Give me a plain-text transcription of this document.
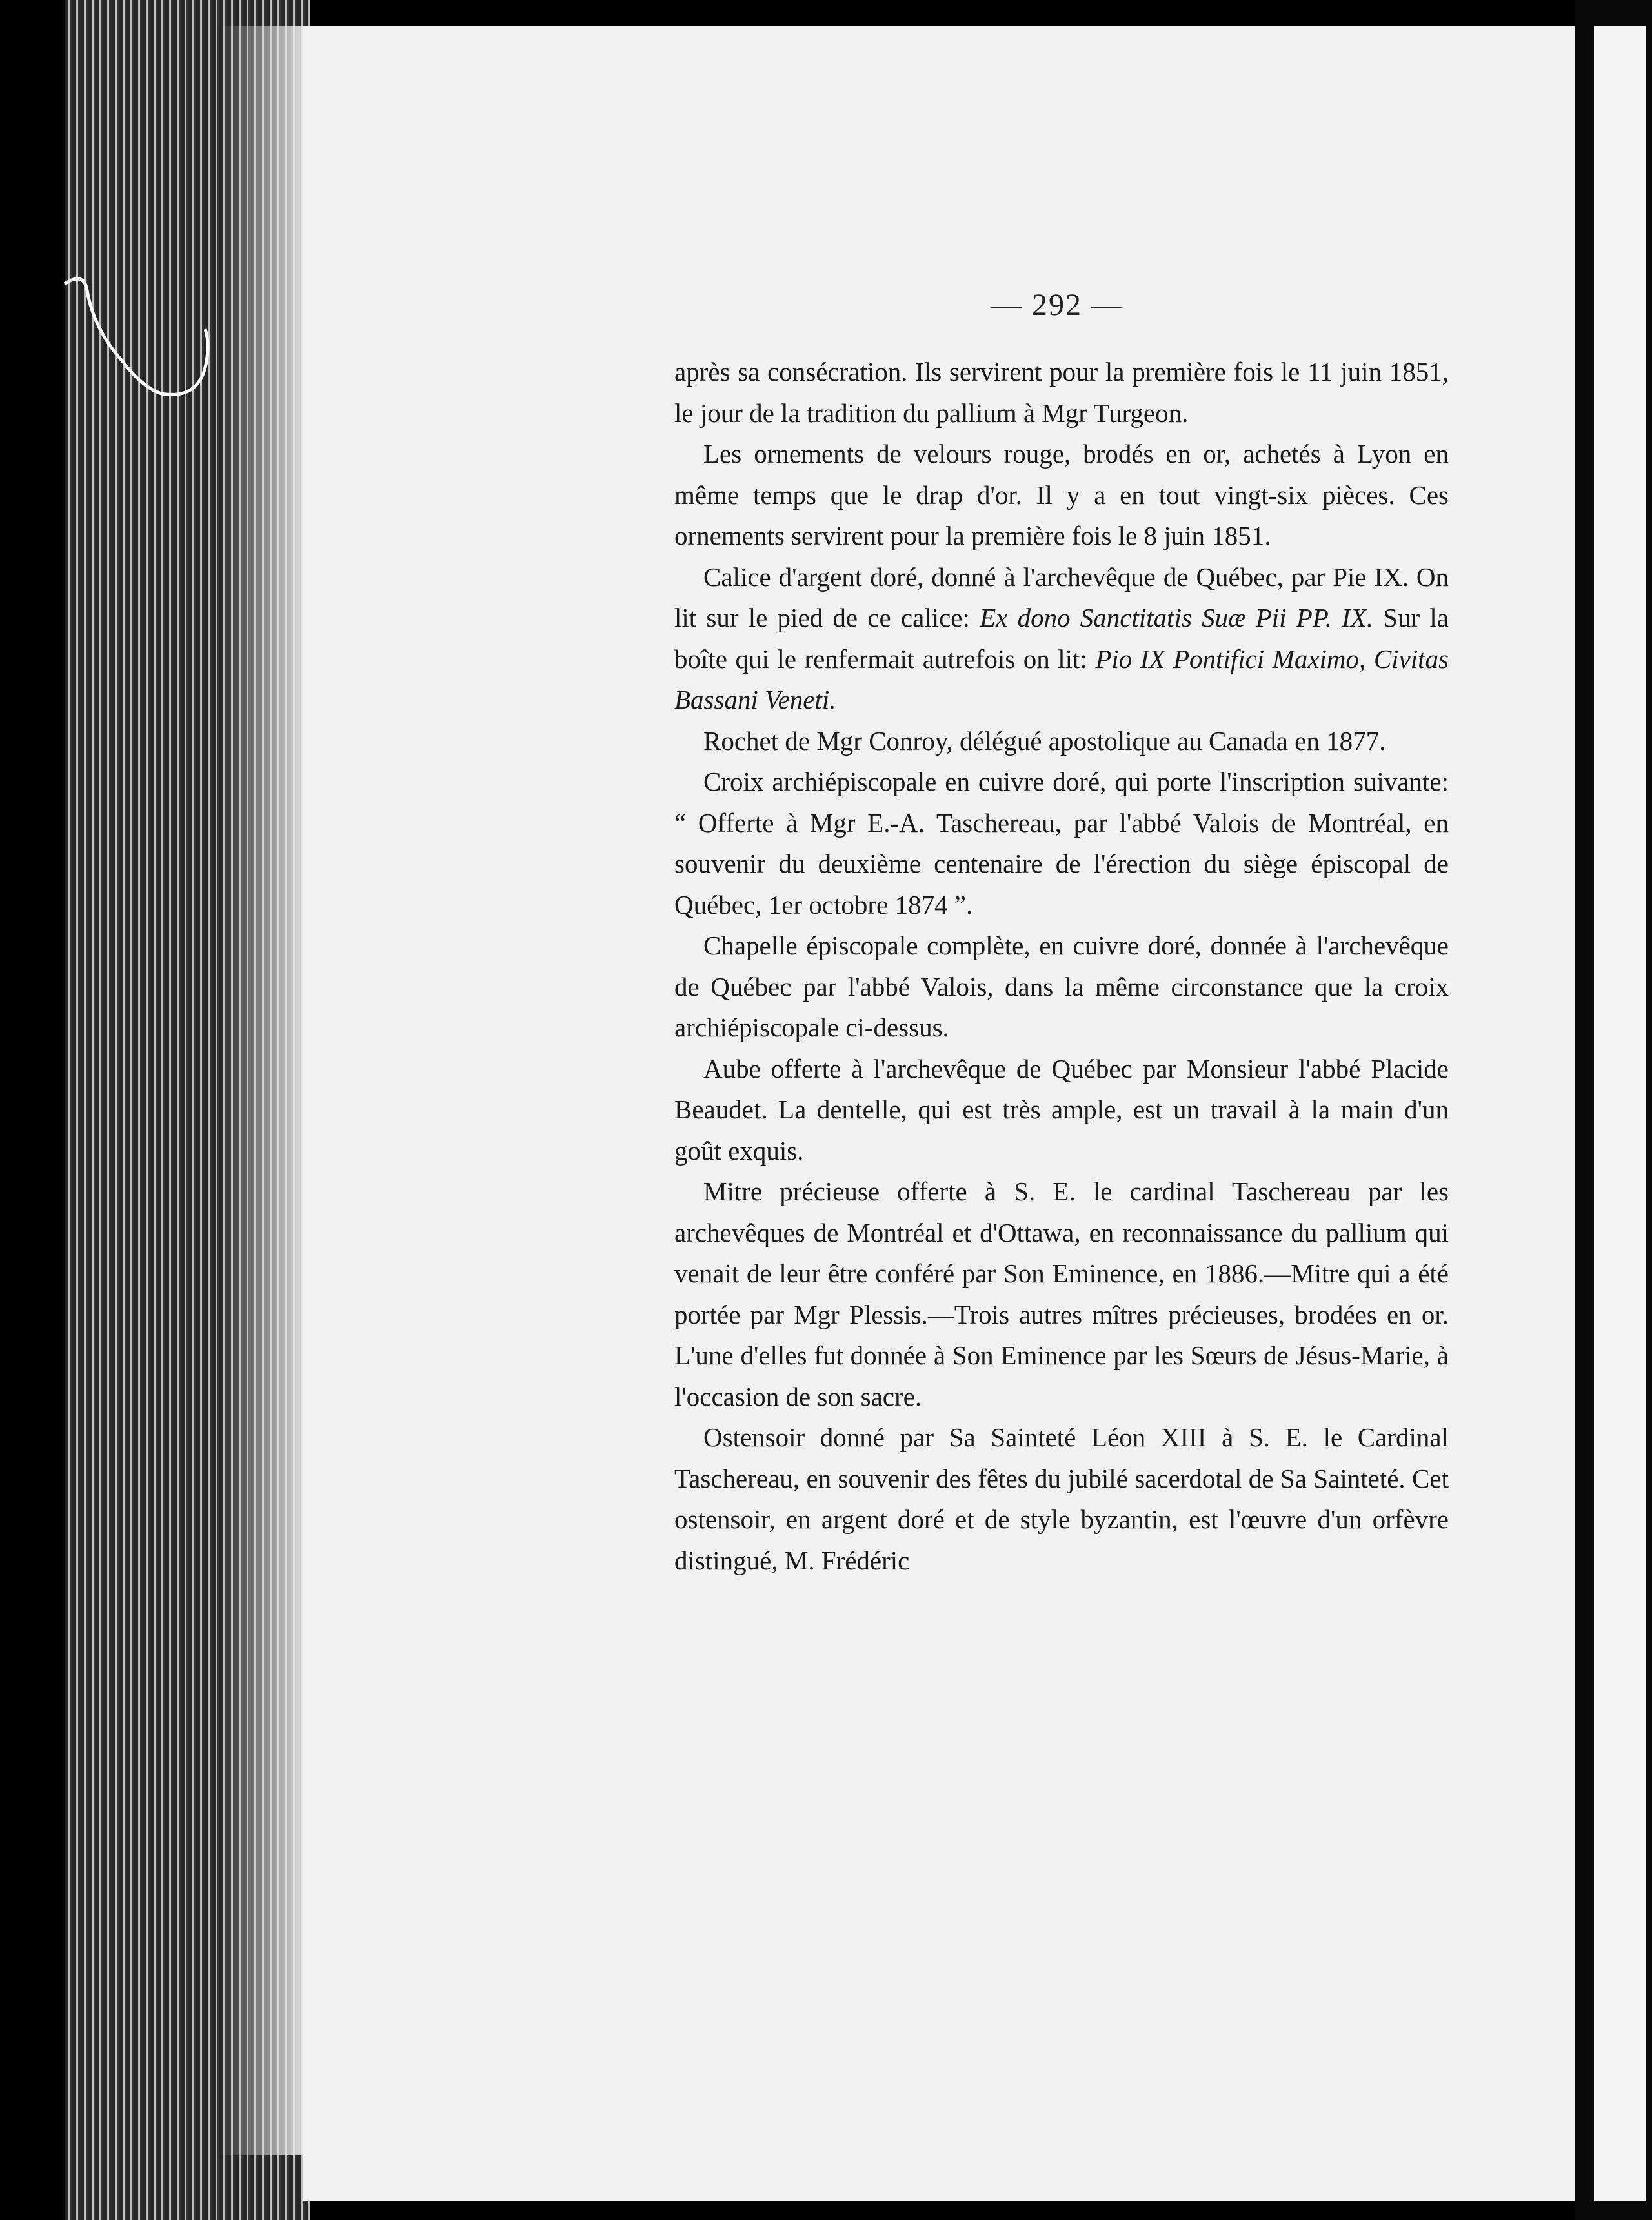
— 292 —

après sa consécration. Ils servirent pour la première fois le 11 juin 1851, le jour de la tradition du pallium à Mgr Turgeon.

Les ornements de velours rouge, brodés en or, achetés à Lyon en même temps que le drap d'or. Il y a en tout vingt-six pièces. Ces ornements servirent pour la première fois le 8 juin 1851.

Calice d'argent doré, donné à l'archevêque de Québec, par Pie IX. On lit sur le pied de ce calice: Ex dono Sanctitatis Suæ Pii PP. IX. Sur la boîte qui le renfermait autrefois on lit: Pio IX Pontifici Maximo, Civitas Bassani Veneti.

Rochet de Mgr Conroy, délégué apostolique au Canada en 1877.

Croix archiépiscopale en cuivre doré, qui porte l'inscription suivante: “ Offerte à Mgr E.-A. Taschereau, par l'abbé Valois de Montréal, en souvenir du deuxième centenaire de l'érection du siège épiscopal de Québec, 1er octobre 1874 ”.

Chapelle épiscopale complète, en cuivre doré, donnée à l'archevêque de Québec par l'abbé Valois, dans la même circonstance que la croix archiépiscopale ci-dessus.

Aube offerte à l'archevêque de Québec par Monsieur l'abbé Placide Beaudet. La dentelle, qui est très ample, est un travail à la main d'un goût exquis.

Mitre précieuse offerte à S. E. le cardinal Taschereau par les archevêques de Montréal et d'Ottawa, en reconnaissance du pallium qui venait de leur être conféré par Son Eminence, en 1886.—Mitre qui a été portée par Mgr Plessis.—Trois autres mîtres précieuses, brodées en or. L'une d'elles fut donnée à Son Eminence par les Sœurs de Jésus-Marie, à l'occasion de son sacre.

Ostensoir donné par Sa Sainteté Léon XIII à S. E. le Cardinal Taschereau, en souvenir des fêtes du jubilé sacerdotal de Sa Sainteté. Cet ostensoir, en argent doré et de style byzantin, est l'œuvre d'un orfèvre distingué, M. Frédéric
